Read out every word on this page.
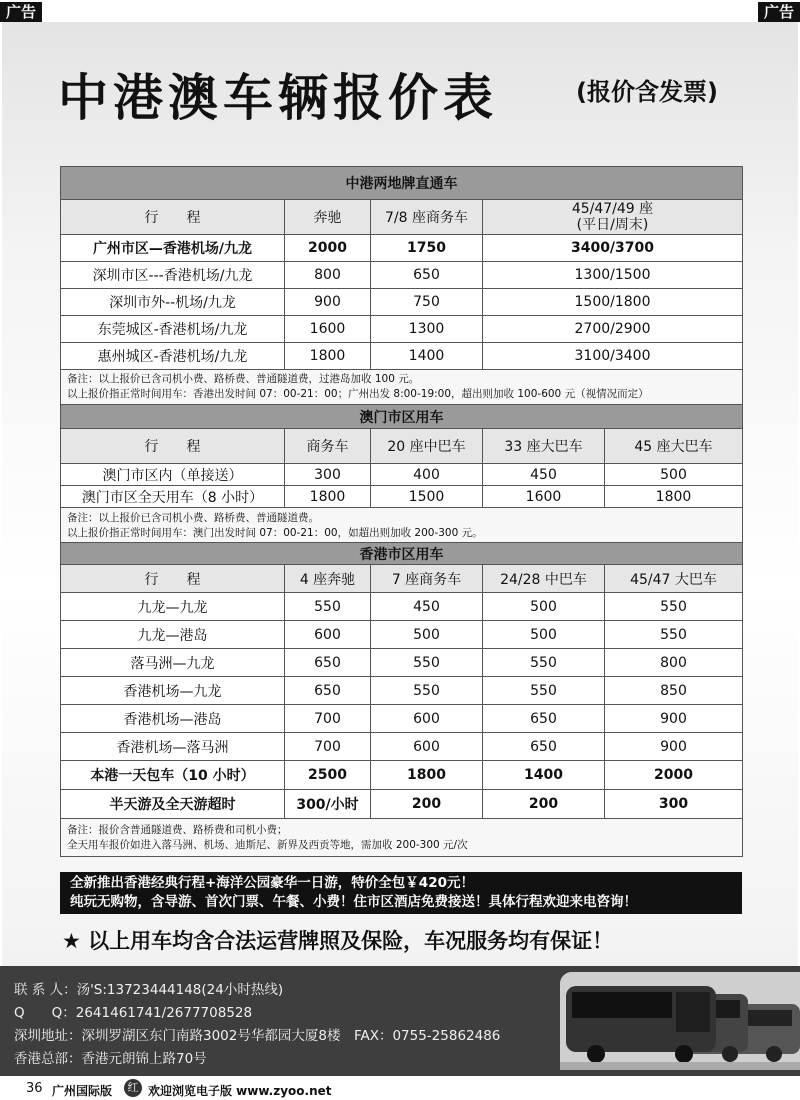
广告	广告
中港澳车辆报价表	(报价含发票)
中港两地牌直通车			
行　　程	奔驰	7/8 座商务车	45/47/49 座
(平日/周末)

广州市区—香港机场/九龙	2000	1750	3400/3700
深圳市区---香港机场/九龙	800	650	1300/1500
深圳市外--机场/九龙	900	750	1500/1800
东莞城区-香港机场/九龙	1600	1300	2700/2900
惠州城区-香港机场/九龙	1800	1400	3100/3400

备注：以上报价已含司机小费、路桥费、普通隧道费，过港岛加收 100 元。
以上报价指正常时间用车：香港出发时间 07：00-21：00；广州出发 8:00-19:00，超出则加收 100-600 元（视情况而定）			
澳门市区用车				
行　　程	商务车	20 座中巴车	33 座大巴车	45 座大巴车
澳门市区内（单接送）	300	400	450	500
澳门市区全天用车（8 小时）	1800	1500	1600	1800

备注：以上报价已含司机小费、路桥费、普通隧道费。
以上报价指正常时间用车：澳门出发时间 07：00-21：00，如超出则加收 200-300 元。				
香港市区用车				
行　　程	4 座奔驰	7 座商务车	24/28 中巴车	45/47 大巴车
九龙—九龙	550	450	500	550
九龙—港岛	600	500	500	550
落马洲—九龙	650	550	550	800
香港机场—九龙	650	550	550	850
香港机场—港岛	700	600	650	900
香港机场—落马洲	700	600	650	900
本港一天包车（10 小时）	2500	1800	1400	2000
半天游及全天游超时	300/小时	200	200	300

备注：报价含普通隧道费、路桥费和司机小费；
全天用车报价如进入落马洲、机场、迪斯尼、新界及西贡等地，需加收 200-300 元/次				
全新推出香港经典行程+海洋公园豪华一日游，特价全包￥420元！
纯玩无购物，含导游、首次门票、午餐、小费！住市区酒店免费接送！具体行程欢迎来电咨询！
★ 以上用车均含合法运营牌照及保险，车况服务均有保证！
联 系 人：汤'S:13723444148(24小时热线)
Q　　Q：2641461741/2677708528
深圳地址：深圳罗湖区东门南路3002号华都园大厦8楼　FAX：0755-25862486
香港总部：香港元朗锦上路70号
36 广州国际版	红 欢迎浏览电子版 www.zyoo.net
